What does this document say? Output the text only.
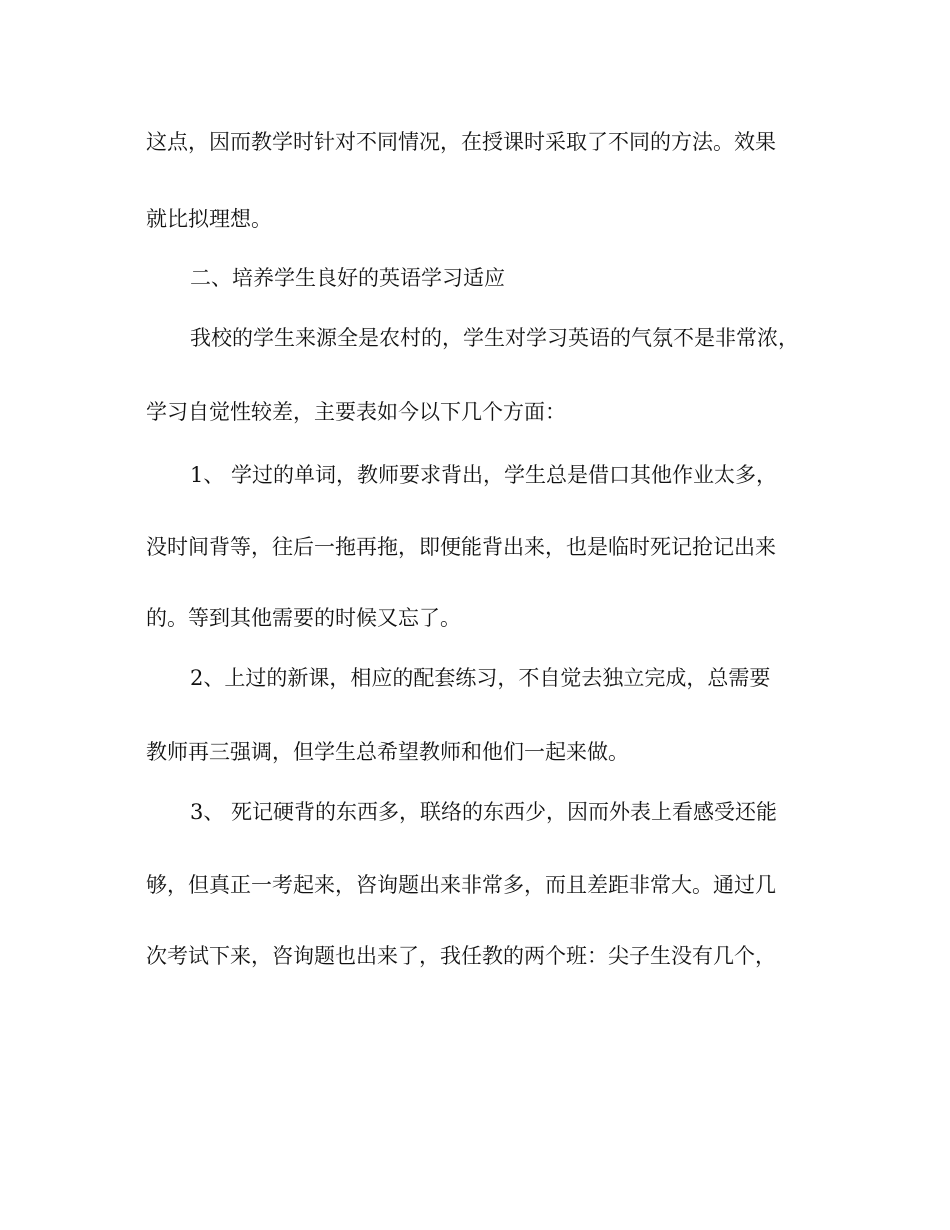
这点，因而教学时针对不同情况，在授课时采取了不同的方法。效果

就比拟理想。

二、培养学生良好的英语学习适应

我校的学生来源全是农村的，学生对学习英语的气氛不是非常浓，

学习自觉性较差，主要表如今以下几个方面：

1、 学过的单词，教师要求背出，学生总是借口其他作业太多，

没时间背等，往后一拖再拖，即便能背出来，也是临时死记抢记出来

的。等到其他需要的时候又忘了。

2、上过的新课，相应的配套练习，不自觉去独立完成，总需要

教师再三强调，但学生总希望教师和他们一起来做。

3、 死记硬背的东西多，联络的东西少，因而外表上看感受还能

够，但真正一考起来，咨询题出来非常多，而且差距非常大。通过几

次考试下来，咨询题也出来了，我任教的两个班：尖子生没有几个，
